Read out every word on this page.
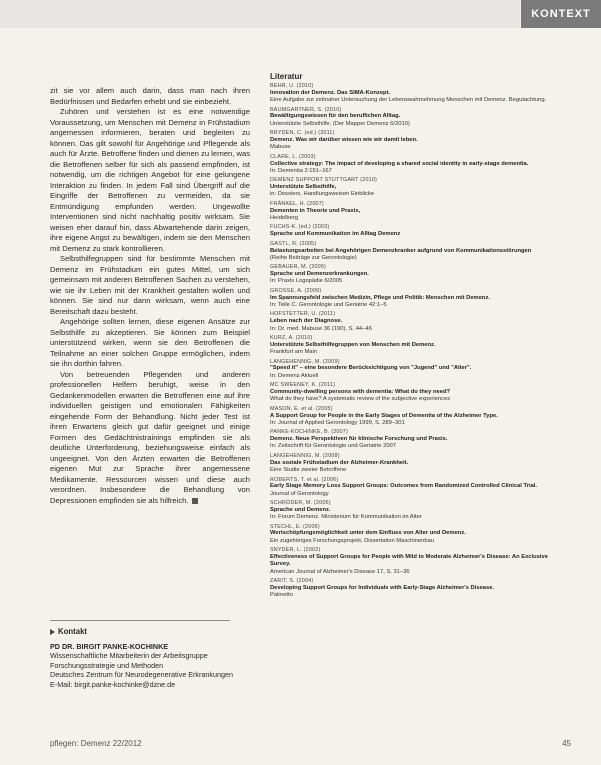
KONTEXT

zit sie vor allem auch darin, dass man nach ihren Bedürfnissen und Bedarfen erhebt und sie einbezieht.

Zuhören und verstehen ist es eine notwendige Voraussetzung, um Menschen mit Demenz in Frühstadium angemessen informieren, beraten und begleiten zu können. Das gilt sowohl für Angehörige und Pflegende als auch für Ärzte. Betroffene finden und dienen zu lernen, was die Betroffenen selber für sich als passend empfinden, ist notwendig, um die richtigen Angebot für eine gelungene Interaktion zu finden. In jedem Fall sind Übergriff auf die Eingriffe der Betroffenen zu vermeiden, da sie Entmündigung empfunden werden. Ungewollte Interventionen sind nicht nachhaltig positiv wirksam. Sie weisen eher darauf hin, dass Abwartehende darin zeigen, ihre eigene Angst zu bewältigen, indem sie den Menschen mit Demenz zu stark kontrollieren.

Selbsthilfegruppen sind für bestimmte Menschen mit Demenz im Frühstadium ein gutes Mittel, um sich gemeinsam mit anderen Betroffenen Sachen zu verstehen, wie sie ihr Leben mit der Krankheit gestalten wollen und können. Sie sind nur dann wirksam, wenn auch eine Bereitschaft dazu besteht.

Angehörige sollten lernen, diese eigenen Ansätze zur Selbsthilfe zu akzeptieren. Sie können zum Beispiel unterstützend wirken, wenn sie den Betroffenen die Teilnahme an einer solchen Gruppe ermöglichen, indem sie ihn dorthin fahren.

Von betreuenden Pflegenden und anderen professionellen Helfern beruhigt, weise in den Gedankenmodellen erwarten die Betroffenen eine auf ihre individuellen geistigen und emotionalen Fähigkeiten eingehende Form der Behandlung. Nicht jeder Test ist ihren Erwartens gleich gut dafür geeignet und einige Formen des Gedächtnistrainings empfinden sie als deutliche Unterforderung, beziehungsweise einfach als ungeeignet. Von den Ärzten erwarten die Betroffenen eigenen Mut zur Sprache ihrer angemessene Medikamente. Ressourcen wissen und diese auch verordnen. Insbesondere die Behandlung von Depressionen empfinden sie als hilfreich.

Kontakt
PD DR. BIRGIT PANKE-KOCHINKE
Wissenschaftliche Mitarbeiterin der Arbeitsgruppe
Forschungsstrategie und Methoden
Deutsches Zentrum für Neurodegenerative Erkrankungen
E-Mail: birgit.panke-kochinke@dzne.de
Literatur
BEHR, U. (2010)
Innovation der Demenz. Das SIMA-Konzept.
Eine Aufgabe zur zeitnaher Untersuchung der Lebenswahrnehmung Menschen mit Demenz. Begutachtung.
BAUMGARTNER, S. (2010)
Bewältigungswissen für den beruflichen Alltag.
Unterstützte Selbsthilfe. (Der Mapper Demenz 6/2010)
BRYDEN, C. (ed.) (2011)
Demenz. Was wir darüber wissen wie wir damit leben.
Mabuse
CLARE, L. (2003)
Collective strategy: The impact of developing a shared social identity in early-stage dementia.
In: Dementia 2:151–167
DEMENZ SUPPORT STUTTGART (2010)
Unterstützte Selbsthilfe,
in: Dossiers, Handlungsweisen Einblicke
FRÄNKEL, H. (2007)
Dementen in Theorie und Praxis,
Heidelberg
FUCHS-K. (ed.) (2003)
Sprache und Kommunikation im Alltag Demenz
GASTL, R. (2005)
Belastungsarbeiten bei Angehörigen Demenzkranker aufgrund von Kommunikationsstörungen
(Reihe Beiträge zur Gerontologie)
GEBAUER, M. (2005)
Sprache und Demenzerkrankungen.
In: Praxis Logopädie 6/2005
GROSSE, A. (2009)
Im Spannungsfeld zwischen Medizin, Pflege und Politik: Menschen mit Demenz.
In: Teile C. Gerontologie und Geriatrie 42:1–5
HOFSTETTER, U. (2011)
Leben nach der Diagnose.
In: Dr. med. Mabuse 36 (190), S. 44–46
KURZ, A. (2010)
Unterstützte Selbsthilfegruppen von Menschen mit Demenz.
Frankfurt am Main
LANGEHENNIG, M. (2009)
"Speed it" – eine besondere Berücksichtigung von "Jugend" und "Alter".
In: Demenz Aktuell
MC SWEENEY, K. (2011)
Community-dwelling persons with dementia: What do they need?
What do they have? A systematic review of the subjective experiences
MASON, E. et al. (2005)
A Support Group for People in the Early Stages of Dementia of the Alzheimer Type.
In: Journal of Applied Gerontology 1999, S. 289–301
PANKE-KOCHINKE, B. (2007)
Demenz. Neue Perspektiven für klinische Forschung und Praxis.
In: Zeitschrift für Gerontologie und Geriatrie 2007
LANGEHENNIG, M. (2008)
Das soziale Frühstadium der Alzheimer-Krankheit.
Eine Studie zweier Betroffene
ROBERTS, T. et al. (2006)
Early Stage Memory Loss Support Groups: Outcomes from Randomized Controlled Clinical Trial.
Journal of Gerontology
SCHRÖDER, M. (2005)
Sprache und Demenz.
In: Forum Demenz. Ministerium für Kommunikation im Alter
STECHL, E. (2006)
Wertschöpfungsmöglichkeit unter dem Einfluss von Alter und Demenz.
Ein zugehöriges Forschungsprojekt, Dissertation Maschinenbau
SNYDER, L. (2002)
Effectiveness of Support Groups for People with Mild to Moderate Alzheimer's Disease: An Exclusive Survey.
American Journal of Alzheimer's Disease 17, S. 31–36
ZARIT, S. (2004)
Developing Support Groups for Individuals with Early-Stage Alzheimer's Disease.
Palmetto
pflegen: Demenz 22/2012	45
